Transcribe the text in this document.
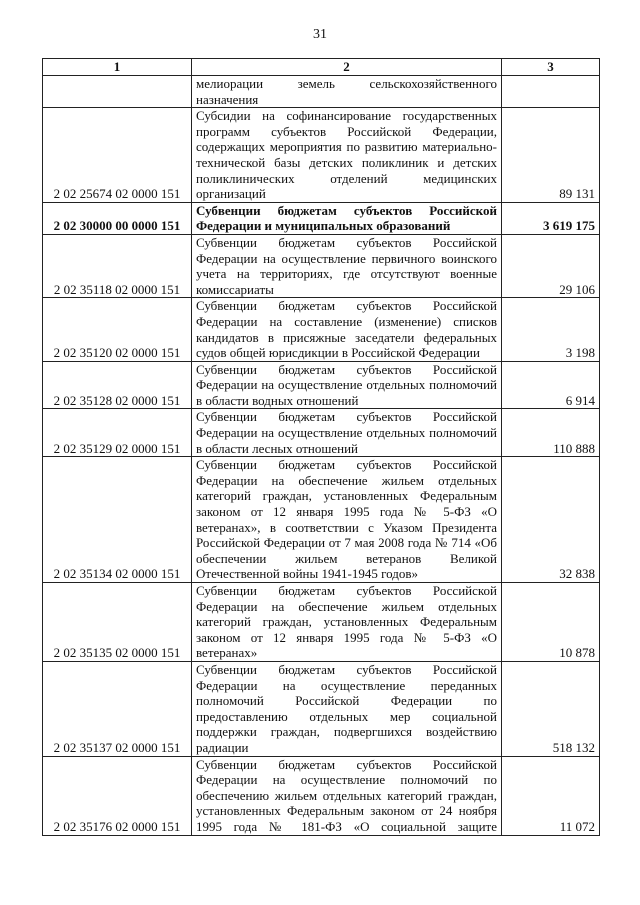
31
1	2	3
	мелиорации земель сельскохозяйственного назначения	
2 02 25674 02 0000 151	Субсидии на софинансирование государственных программ субъектов Российской Федерации, содержащих мероприятия по развитию материально-технической базы детских поликлиник и детских поликлинических отделений медицинских организаций	89 131
2 02 30000 00 0000 151	Субвенции бюджетам субъектов Российской Федерации и муниципальных образований	3 619 175
2 02 35118 02 0000 151	Субвенции бюджетам субъектов Российской Федерации на осуществление первичного воинского учета на территориях, где отсутствуют военные комиссариаты	29 106
2 02 35120 02 0000 151	Субвенции бюджетам субъектов Российской Федерации на составление (изменение) списков кандидатов в присяжные заседатели федеральных судов общей юрисдикции в Российской Федерации	3 198
2 02 35128 02 0000 151	Субвенции бюджетам субъектов Российской Федерации на осуществление отдельных полномочий в области водных отношений	6 914
2 02 35129 02 0000 151	Субвенции бюджетам субъектов Российской Федерации на осуществление отдельных полномочий в области лесных отношений	110 888
2 02 35134 02 0000 151	Субвенции бюджетам субъектов Российской Федерации на обеспечение жильем отдельных категорий граждан, установленных Федеральным законом от 12 января 1995 года № 5-ФЗ «О ветеранах», в соответствии с Указом Президента Российской Федерации от 7 мая 2008 года № 714 «Об обеспечении жильем ветеранов Великой Отечественной войны 1941-1945 годов»	32 838
2 02 35135 02 0000 151	Субвенции бюджетам субъектов Российской Федерации на обеспечение жильем отдельных категорий граждан, установленных Федеральным законом от 12 января 1995 года № 5-ФЗ «О ветеранах»	10 878
2 02 35137 02 0000 151	Субвенции бюджетам субъектов Российской Федерации на осуществление переданных полномочий Российской Федерации по предоставлению отдельных мер социальной поддержки граждан, подвергшихся воздействию радиации	518 132
2 02 35176 02 0000 151	Субвенции бюджетам субъектов Российской Федерации на осуществление полномочий по обеспечению жильем отдельных категорий граждан, установленных Федеральным законом от 24 ноября 1995 года № 181-ФЗ «О социальной защите	11 072
